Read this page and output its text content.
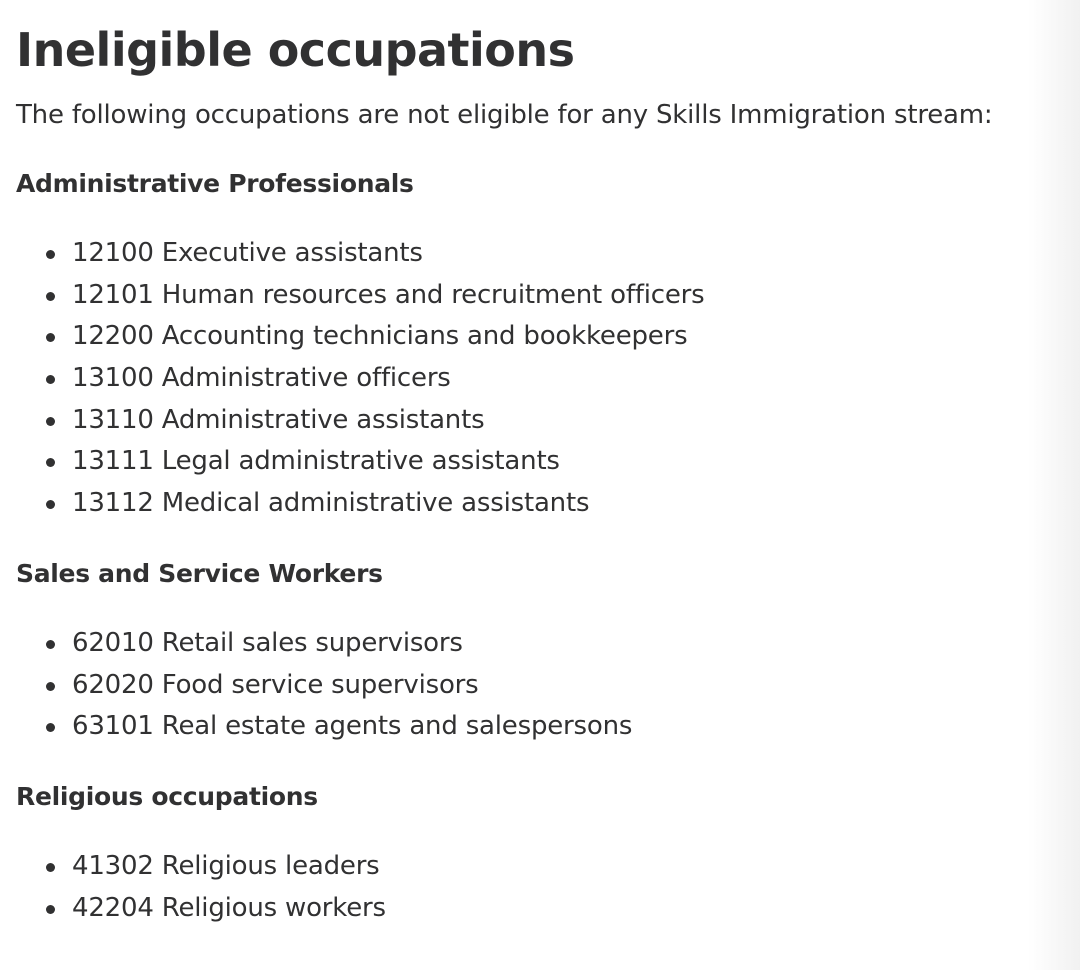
Ineligible occupations

The following occupations are not eligible for any Skills Immigration stream:

Administrative Professionals
12100 Executive assistants
12101 Human resources and recruitment officers
12200 Accounting technicians and bookkeepers
13100 Administrative officers
13110 Administrative assistants
13111 Legal administrative assistants
13112 Medical administrative assistants
Sales and Service Workers
62010 Retail sales supervisors
62020 Food service supervisors
63101 Real estate agents and salespersons
Religious occupations
41302 Religious leaders
42204 Religious workers
